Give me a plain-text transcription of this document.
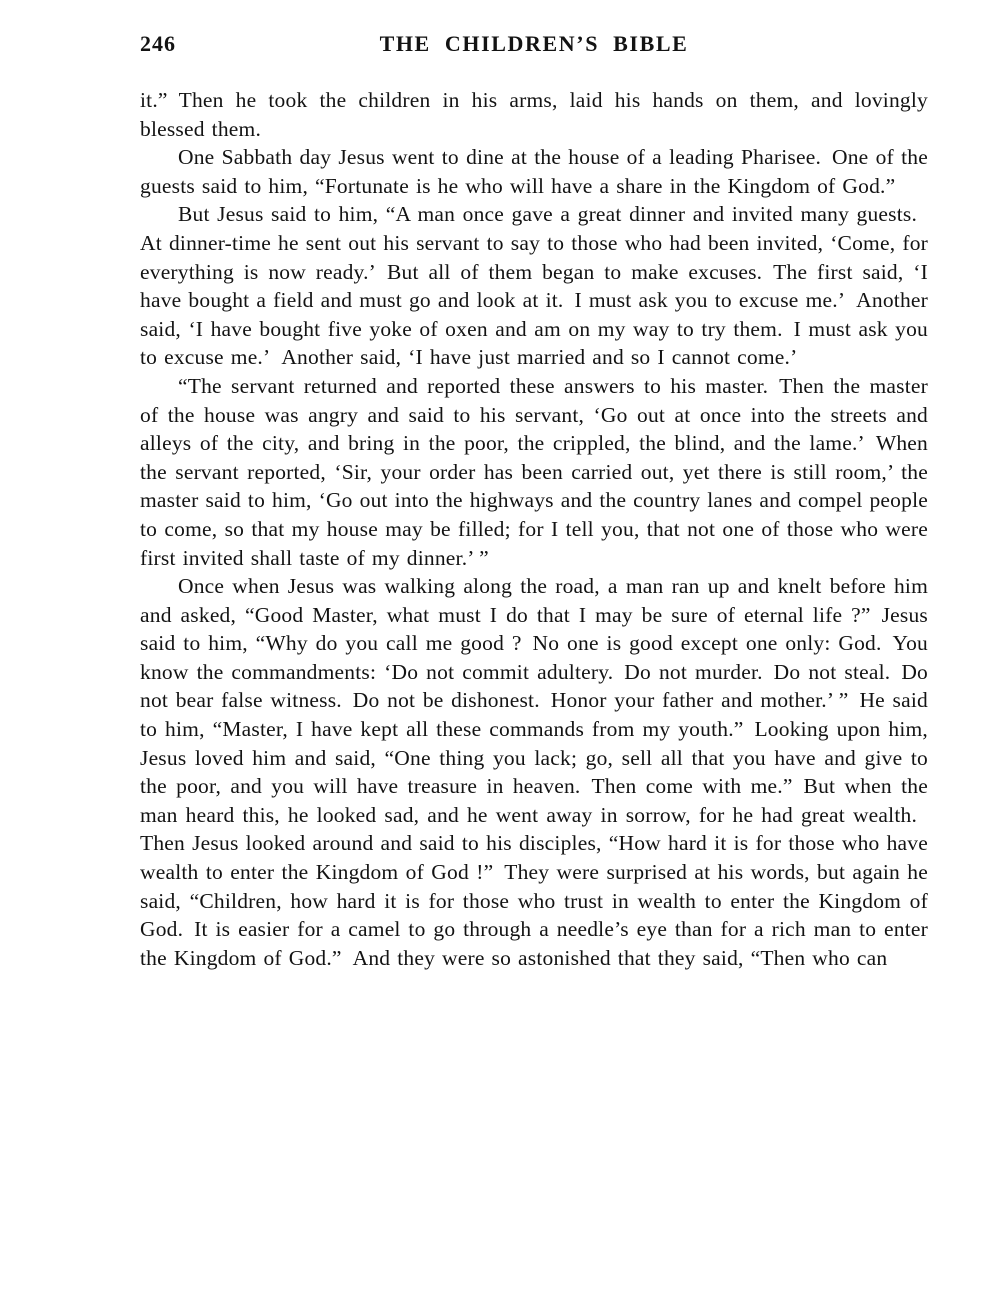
246	THE CHILDREN’S BIBLE

it.” Then he took the children in his arms, laid his hands on them, and lovingly blessed them.

One Sabbath day Jesus went to dine at the house of a leading Pharisee. One of the guests said to him, “Fortunate is he who will have a share in the Kingdom of God.”

But Jesus said to him, “A man once gave a great dinner and invited many guests. At dinner-time he sent out his servant to say to those who had been invited, ‘Come, for everything is now ready.’ But all of them began to make excuses. The first said, ‘I have bought a field and must go and look at it. I must ask you to excuse me.’ Another said, ‘I have bought five yoke of oxen and am on my way to try them. I must ask you to excuse me.’ Another said, ‘I have just married and so I cannot come.’

“The servant returned and reported these answers to his master. Then the master of the house was angry and said to his servant, ‘Go out at once into the streets and alleys of the city, and bring in the poor, the crippled, the blind, and the lame.’ When the servant reported, ‘Sir, your order has been carried out, yet there is still room,’ the master said to him, ‘Go out into the highways and the country lanes and compel people to come, so that my house may be filled; for I tell you, that not one of those who were first invited shall taste of my dinner.’ ”

Once when Jesus was walking along the road, a man ran up and knelt before him and asked, “Good Master, what must I do that I may be sure of eternal life ?” Jesus said to him, “Why do you call me good ? No one is good except one only: God. You know the commandments: ‘Do not commit adultery. Do not murder. Do not steal. Do not bear false witness. Do not be dishonest. Honor your father and mother.’ ” He said to him, “Master, I have kept all these commands from my youth.” Looking upon him, Jesus loved him and said, “One thing you lack; go, sell all that you have and give to the poor, and you will have treasure in heaven. Then come with me.” But when the man heard this, he looked sad, and he went away in sorrow, for he had great wealth. Then Jesus looked around and said to his disciples, “How hard it is for those who have wealth to enter the Kingdom of God !” They were surprised at his words, but again he said, “Children, how hard it is for those who trust in wealth to enter the Kingdom of God. It is easier for a camel to go through a needle’s eye than for a rich man to enter the Kingdom of God.” And they were so astonished that they said, “Then who can
